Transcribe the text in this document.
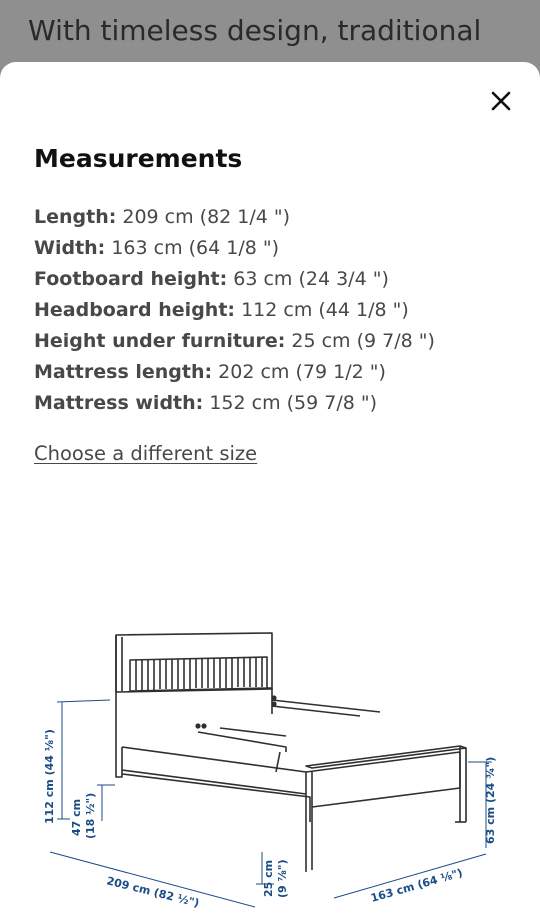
With timeless design, traditional
Measurements
Length: 209 cm (82 1/4 ")
Width: 163 cm (64 1/8 ")
Footboard height: 63 cm (24 3/4 ")
Headboard height: 112 cm (44 1/8 ")
Height under furniture: 25 cm (9 7/8 ")
Mattress length: 202 cm (79 1/2 ")
Mattress width: 152 cm (59 7/8 ")
Choose a different size
112 cm (44 ⅛") 47 cm (18 ½")
209 cm (82 ½")	25 cm (9 ⅞")	163 cm (64 ⅛")
63 cm (24 ¾")
